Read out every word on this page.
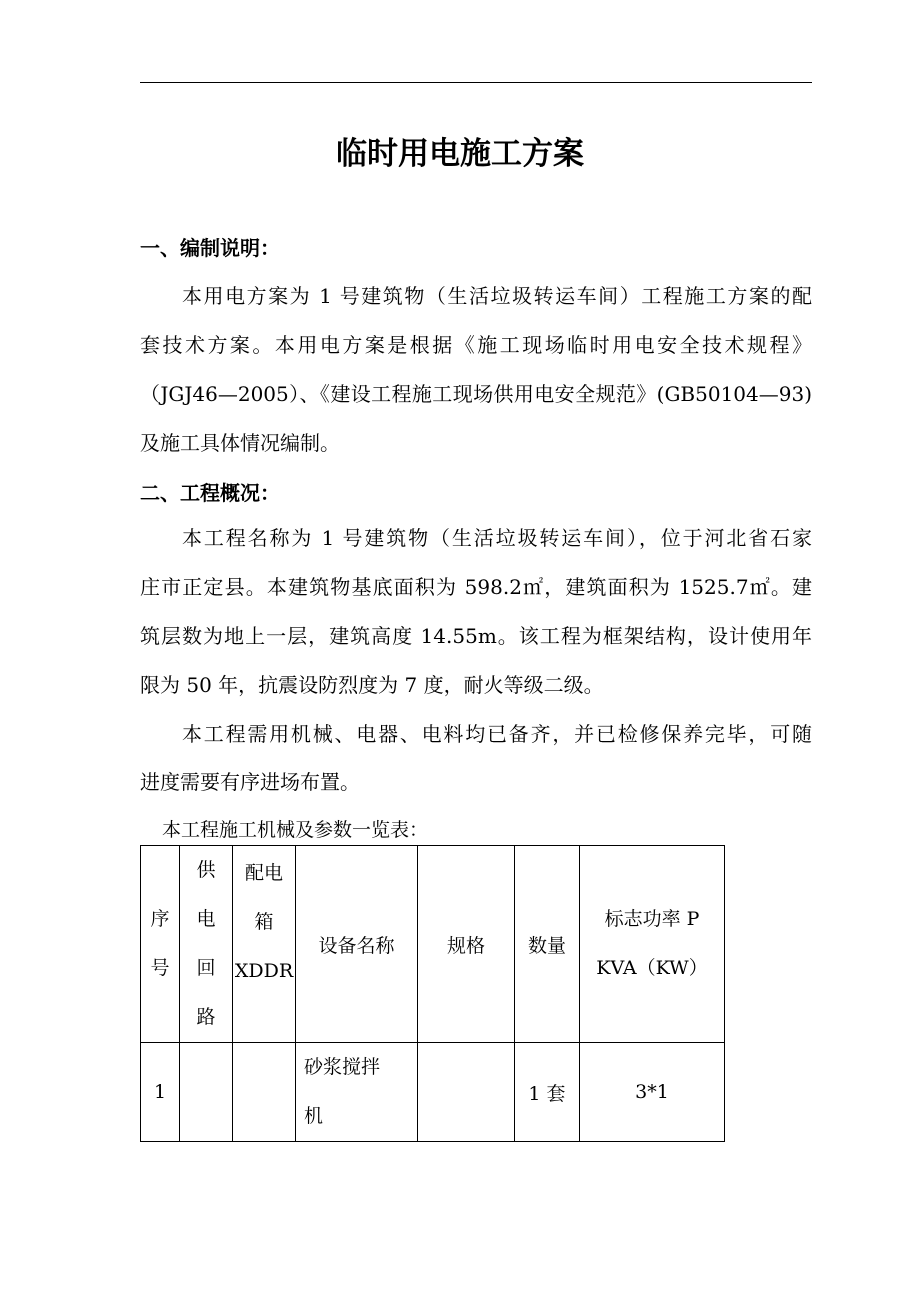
临时用电施工方案
一、编制说明：
本用电方案为 1 号建筑物（生活垃圾转运车间）工程施工方案的配
套技术方案。本用电方案是根据《施工现场临时用电安全技术规程》
（JGJ46—2005）、《建设工程施工现场供用电安全规范》(GB50104—93)
及施工具体情况编制。
二、工程概况：
本工程名称为 1 号建筑物（生活垃圾转运车间），位于河北省石家
庄市正定县。本建筑物基底面积为 598.2㎡，建筑面积为 1525.7㎡。建
筑层数为地上一层，建筑高度 14.55m。该工程为框架结构，设计使用年
限为 50 年，抗震设防烈度为 7 度，耐火等级二级。
本工程需用机械、电器、电料均已备齐，并已检修保养完毕，可随
进度需要有序进场布置。
本工程施工机械及参数一览表：
序
号	供
电
回
路	配电
箱
XDDR	设备名称	规格	数量	标志功率 P
KVA（KW）
1			砂浆搅拌
机		1 套	3*1
